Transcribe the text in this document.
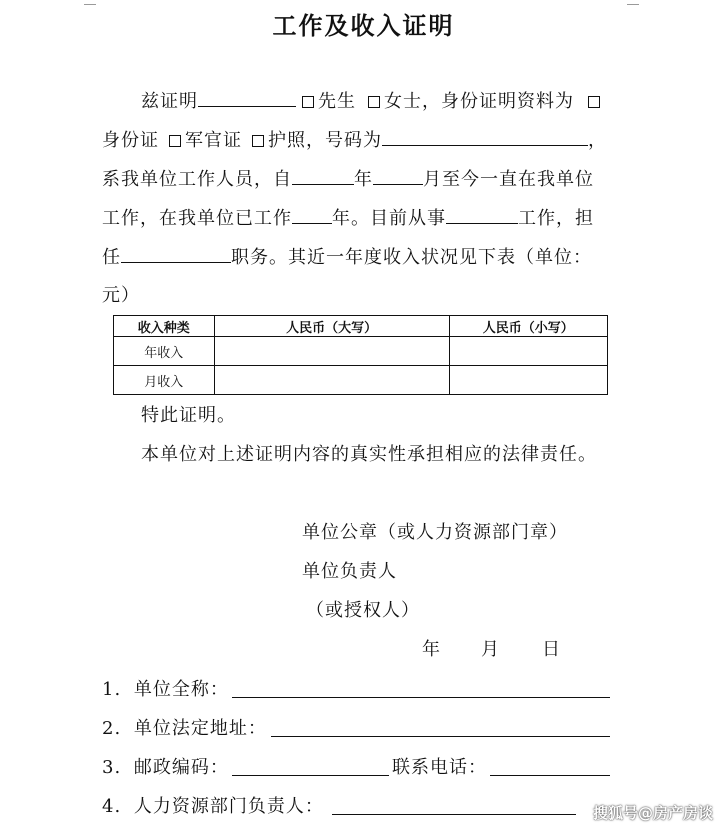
工作及收入证明
兹证明	先生 女士，身份证明资料为
身份证 军官证 护照，号码为	，
系我单位工作人员，自	年	月至今一直在我单位
工作，在我单位已工作 年。目前从事	工作，担
任	职务。其近一年度收入状况见下表（单位：
元）
收入种类	人民币（大写）	人民币（小写）
年收入		
月收入		
特此证明。
本单位对上述证明内容的真实性承担相应的法律责任。
单位公章（或人力资源部门章）
单位负责人
（或授权人）
年 月 日
1. 单位全称：
2. 单位法定地址：
3. 邮政编码：	联系电话：
4. 人力资源部门负责人：	搜狐号@房产房谈
